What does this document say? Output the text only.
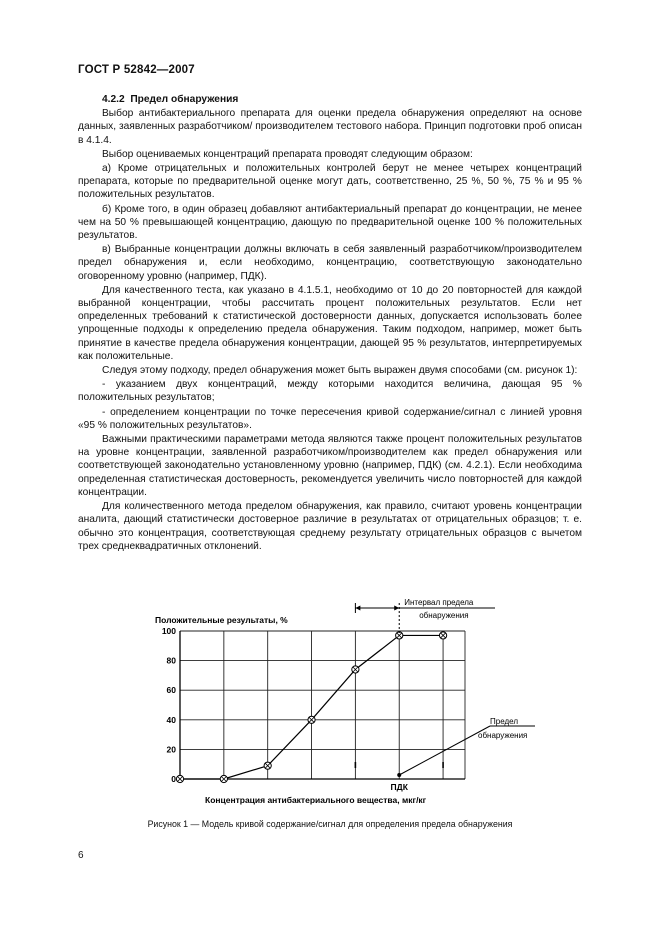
ГОСТ Р 52842—2007
4.2.2 Предел обнаружения

Выбор антибактериального препарата для оценки предела обнаружения определяют на основе данных, заявленных разработчиком/ производителем тестового набора. Принцип подготовки проб описан в 4.1.4.

Выбор оцениваемых концентраций препарата проводят следующим образом:

а) Кроме отрицательных и положительных контролей берут не менее четырех концентраций препарата, которые по предварительной оценке могут дать, соответственно, 25 %, 50 %, 75 % и 95 % положительных результатов.

б) Кроме того, в один образец добавляют антибактериальный препарат до концентрации, не менее чем на 50 % превышающей концентрацию, дающую по предварительной оценке 100 % положительных результатов.

в) Выбранные концентрации должны включать в себя заявленный разработчиком/производителем предел обнаружения и, если необходимо, концентрацию, соответствующую законодательно оговоренному уровню (например, ПДК).

Для качественного теста, как указано в 4.1.5.1, необходимо от 10 до 20 повторностей для каждой выбранной концентрации, чтобы рассчитать процент положительных результатов. Если нет определенных требований к статистической достоверности данных, допускается использовать более упрощенные подходы к определению предела обнаружения. Таким подходом, например, может быть принятие в качестве предела обнаружения концентрации, дающей 95 % результатов, интерпретируемых как положительные.

Следуя этому подходу, предел обнаружения может быть выражен двумя способами (см. рисунок 1):

- указанием двух концентраций, между которыми находится величина, дающая 95 % положительных результатов;

- определением концентрации по точке пересечения кривой содержание/сигнал с линией уровня «95 % положительных результатов».

Важными практическими параметрами метода являются также процент положительных результатов на уровне концентрации, заявленной разработчиком/производителем как предел обнаружения или соответствующей законодательно установленному уровню (например, ПДК) (см. 4.2.1). Если необходима определенная статистическая достоверность, рекомендуется увеличить число повторностей для каждой концентрации.

Для количественного метода пределом обнаружения, как правило, считают уровень концентрации аналита, дающий статистически достоверное различие в результатах от отрицательных образцов; т. е. обычно это концентрация, соответствующая среднему результату отрицательных образцов с вычетом трех среднеквадратичных отклонений.

0
20
40
60
80
100
Положительные результаты, %
Концентрация антибактериального вещества, мкг/кг
ПДК
Интервал предела
обнаружения
Предел
обнаружения
Рисунок 1 — Модель кривой содержание/сигнал для определения предела обнаружения
6
